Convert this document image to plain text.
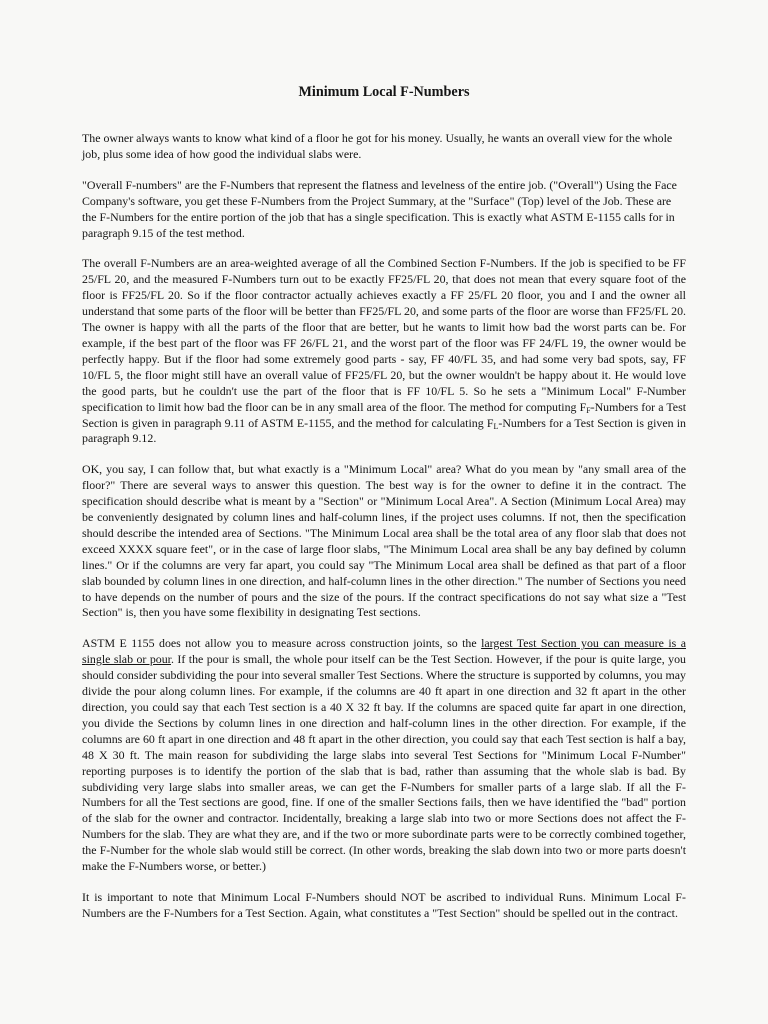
Minimum Local F-Numbers

The owner always wants to know what kind of a floor he got for his money. Usually, he wants an overall view for the whole job, plus some idea of how good the individual slabs were.

"Overall F-numbers" are the F-Numbers that represent the flatness and levelness of the entire job. ("Overall") Using the Face Company's software, you get these F-Numbers from the Project Summary, at the "Surface" (Top) level of the Job. These are the F-Numbers for the entire portion of the job that has a single specification. This is exactly what ASTM E-1155 calls for in paragraph 9.15 of the test method.

The overall F-Numbers are an area-weighted average of all the Combined Section F-Numbers. If the job is specified to be FF 25/FL 20, and the measured F-Numbers turn out to be exactly FF25/FL 20, that does not mean that every square foot of the floor is FF25/FL 20. So if the floor contractor actually achieves exactly a FF 25/FL 20 floor, you and I and the owner all understand that some parts of the floor will be better than FF25/FL 20, and some parts of the floor are worse than FF25/FL 20. The owner is happy with all the parts of the floor that are better, but he wants to limit how bad the worst parts can be. For example, if the best part of the floor was FF 26/FL 21, and the worst part of the floor was FF 24/FL 19, the owner would be perfectly happy. But if the floor had some extremely good parts - say, FF 40/FL 35, and had some very bad spots, say, FF 10/FL 5, the floor might still have an overall value of FF25/FL 20, but the owner wouldn't be happy about it. He would love the good parts, but he couldn't use the part of the floor that is FF 10/FL 5. So he sets a "Minimum Local" F-Number specification to limit how bad the floor can be in any small area of the floor. The method for computing $F_F$-Numbers for a Test Section is given in paragraph 9.11 of ASTM E-1155, and the method for calculating $F_L$-Numbers for a Test Section is given in paragraph 9.12.

OK, you say, I can follow that, but what exactly is a "Minimum Local" area? What do you mean by "any small area of the floor?" There are several ways to answer this question. The best way is for the owner to define it in the contract. The specification should describe what is meant by a "Section" or "Minimum Local Area". A Section (Minimum Local Area) may be conveniently designated by column lines and half-column lines, if the project uses columns. If not, then the specification should describe the intended area of Sections. "The Minimum Local area shall be the total area of any floor slab that does not exceed XXXX square feet", or in the case of large floor slabs, "The Minimum Local area shall be any bay defined by column lines." Or if the columns are very far apart, you could say "The Minimum Local area shall be defined as that part of a floor slab bounded by column lines in one direction, and half-column lines in the other direction." The number of Sections you need to have depends on the number of pours and the size of the pours. If the contract specifications do not say what size a "Test Section" is, then you have some flexibility in designating Test sections.

ASTM E 1155 does not allow you to measure across construction joints, so the largest Test Section you can measure is a single slab or pour. If the pour is small, the whole pour itself can be the Test Section. However, if the pour is quite large, you should consider subdividing the pour into several smaller Test Sections. Where the structure is supported by columns, you may divide the pour along column lines. For example, if the columns are 40 ft apart in one direction and 32 ft apart in the other direction, you could say that each Test section is a 40 X 32 ft bay. If the columns are spaced quite far apart in one direction, you divide the Sections by column lines in one direction and half-column lines in the other direction. For example, if the columns are 60 ft apart in one direction and 48 ft apart in the other direction, you could say that each Test section is half a bay, 48 X 30 ft. The main reason for subdividing the large slabs into several Test Sections for "Minimum Local F-Number" reporting purposes is to identify the portion of the slab that is bad, rather than assuming that the whole slab is bad. By subdividing very large slabs into smaller areas, we can get the F-Numbers for smaller parts of a large slab. If all the F-Numbers for all the Test sections are good, fine. If one of the smaller Sections fails, then we have identified the "bad" portion of the slab for the owner and contractor. Incidentally, breaking a large slab into two or more Sections does not affect the F-Numbers for the slab. They are what they are, and if the two or more subordinate parts were to be correctly combined together, the F-Number for the whole slab would still be correct. (In other words, breaking the slab down into two or more parts doesn't make the F-Numbers worse, or better.)

It is important to note that Minimum Local F-Numbers should NOT be ascribed to individual Runs. Minimum Local F-Numbers are the F-Numbers for a Test Section. Again, what constitutes a "Test Section" should be spelled out in the contract.
